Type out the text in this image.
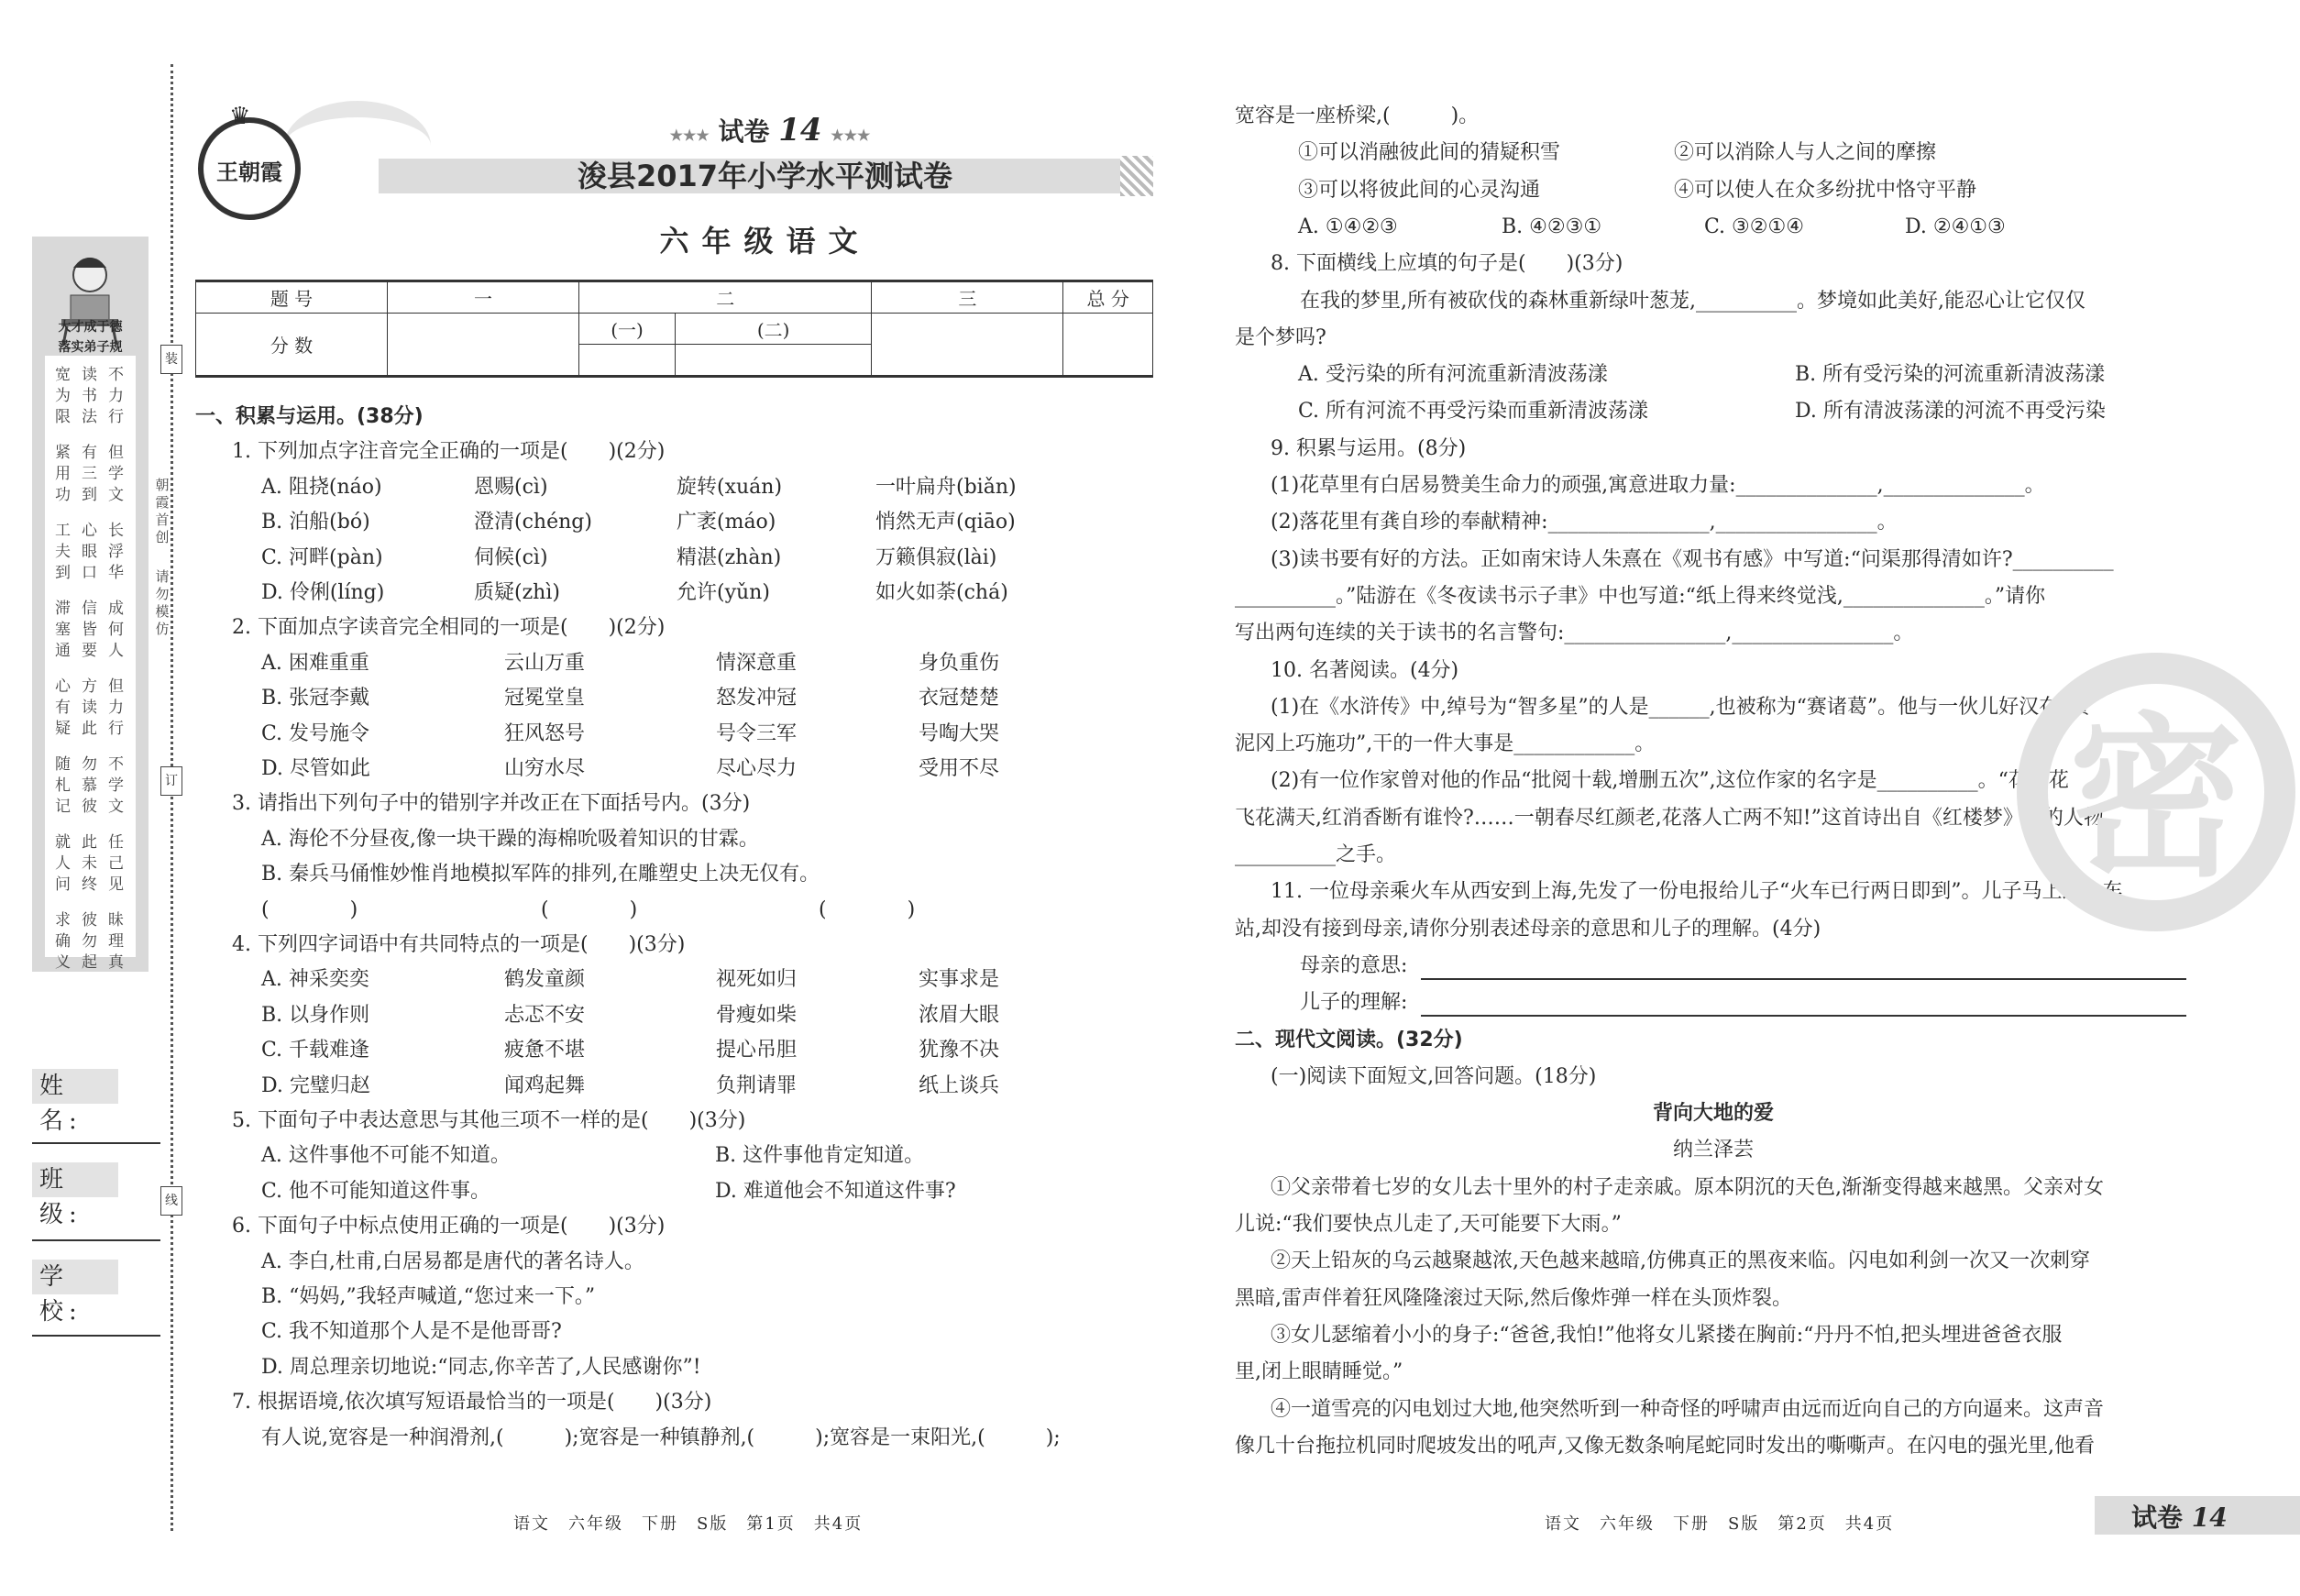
装
订
线
朝霞首创
请勿模仿
大才成于德
落实弟子规
宽读不
为书力
限法行
紧有但
用三学
功到文
工心长
夫眼浮
到口华
滞信成
塞皆何
通要人
心方但
有读力
疑此行
随勿不
札慕学
记彼文
就此任
人未己
问终见
求彼昧
确勿理
义起真
姓 名:
班 级:
学 校:
♛
王朝霞
★★★ 试卷 14 ★★★
浚县2017年小学水平测试卷
六年级语文
题 号	一	二		三	总 分
分 数		(一)	(二)		

一、积累与运用。(38分)
1. 下列加点字注音完全正确的一项是(　　)(2分)
A. 阻挠(náo)	恩赐(cì)	旋转(xuán)	一叶扁舟(biǎn)
B. 泊船(bó)	澄清(chéng)	广袤(máo)	悄然无声(qiāo)
C. 河畔(pàn)	伺候(cì)	精湛(zhàn)	万籁俱寂(lài)
D. 伶俐(líng)	质疑(zhì)	允许(yǔn)	如火如荼(chá)
2. 下面加点字读音完全相同的一项是(　　)(2分)
A. 困难重重	云山万重	情深意重	身负重伤
B. 张冠李戴	冠冕堂皇	怒发冲冠	衣冠楚楚
C. 发号施令	狂风怒号	号令三军	号啕大哭
D. 尽管如此	山穷水尽	尽心尽力	受用不尽
3. 请指出下列句子中的错别字并改正在下面括号内。(3分)
A. 海伦不分昼夜,像一块干躁的海棉吮吸着知识的甘霖。
B. 秦兵马俑惟妙惟肖地模拟军阵的排列,在雕塑史上决无仅有。
(　　　　)	(　　　　)	(　　　　)
4. 下列四字词语中有共同特点的一项是(　　)(3分)
A. 神采奕奕	鹤发童颜	视死如归	实事求是
B. 以身作则	忐忑不安	骨瘦如柴	浓眉大眼
C. 千载难逢	疲惫不堪	提心吊胆	犹豫不决
D. 完璧归赵	闻鸡起舞	负荆请罪	纸上谈兵
5. 下面句子中表达意思与其他三项不一样的是(　　)(3分)
A. 这件事他不可能不知道。	B. 这件事他肯定知道。
C. 他不可能知道这件事。	D. 难道他会不知道这件事?
6. 下面句子中标点使用正确的一项是(　　)(3分)
A. 李白,杜甫,白居易都是唐代的著名诗人。
B. “妈妈,”我轻声喊道,“您过来一下。”
C. 我不知道那个人是不是他哥哥?
D. 周总理亲切地说:“同志,你辛苦了,人民感谢你”!
7. 根据语境,依次填写短语最恰当的一项是(　　)(3分)
有人说,宽容是一种润滑剂,(　　　);宽容是一种镇静剂,(　　　);宽容是一束阳光,(　　　);
宽容是一座桥梁,(　　　)。
①可以消融彼此间的猜疑积雪	②可以消除人与人之间的摩擦
③可以将彼此间的心灵沟通	④可以使人在众多纷扰中恪守平静
A. ①④②③	B. ④②③①	C. ③②①④	D. ②④①③
8. 下面横线上应填的句子是(　　)(3分)
在我的梦里,所有被砍伐的森林重新绿叶葱茏,__________。梦境如此美好,能忍心让它仅仅
是个梦吗?
A. 受污染的所有河流重新清波荡漾	B. 所有受污染的河流重新清波荡漾
C. 所有河流不再受污染而重新清波荡漾	D. 所有清波荡漾的河流不再受污染
9. 积累与运用。(8分)
(1)花草里有白居易赞美生命力的顽强,寓意进取力量:______________,______________。
(2)落花里有龚自珍的奉献精神:________________,________________。
(3)读书要有好的方法。正如南宋诗人朱熹在《观书有感》中写道:“问渠那得清如许?__________
__________。”陆游在《冬夜读书示子聿》中也写道:“纸上得来终觉浅,______________。”请你
写出两句连续的关于读书的名言警句:________________,________________。
10. 名著阅读。(4分)
(1)在《水浒传》中,绰号为“智多星”的人是______,也被称为“赛诸葛”。他与一伙儿好汉在“黄
泥冈上巧施功”,干的一件大事是____________。
(2)有一位作家曾对他的作品“批阅十载,增删五次”,这位作家的名字是__________。“花谢花
飞花满天,红消香断有谁怜?……一朝春尽红颜老,花落人亡两不知!”这首诗出自《红楼梦》中的人物
__________之手。
11. 一位母亲乘火车从西安到上海,先发了一份电报给儿子“火车已行两日即到”。儿子马上到火车
站,却没有接到母亲,请你分别表述母亲的意思和儿子的理解。(4分)
母亲的意思:
儿子的理解:
二、现代文阅读。(32分)
(一)阅读下面短文,回答问题。(18分)
背向大地的爱
纳兰泽芸
①父亲带着七岁的女儿去十里外的村子走亲戚。原本阴沉的天色,渐渐变得越来越黑。父亲对女
儿说:“我们要快点儿走了,天可能要下大雨。”
②天上铅灰的乌云越聚越浓,天色越来越暗,仿佛真正的黑夜来临。闪电如利剑一次又一次刺穿
黑暗,雷声伴着狂风隆隆滚过天际,然后像炸弹一样在头顶炸裂。
③女儿瑟缩着小小的身子:“爸爸,我怕!”他将女儿紧搂在胸前:“丹丹不怕,把头埋进爸爸衣服
里,闭上眼睛睡觉。”
④一道雪亮的闪电划过大地,他突然听到一种奇怪的呼啸声由远而近向自己的方向逼来。这声音
像几十台拖拉机同时爬坡发出的吼声,又像无数条响尾蛇同时发出的嘶嘶声。在闪电的强光里,他看
密
语文　六年级　下册　S版　第1页　共4页	语文　六年级　下册　S版　第2页　共4页	试卷 14
